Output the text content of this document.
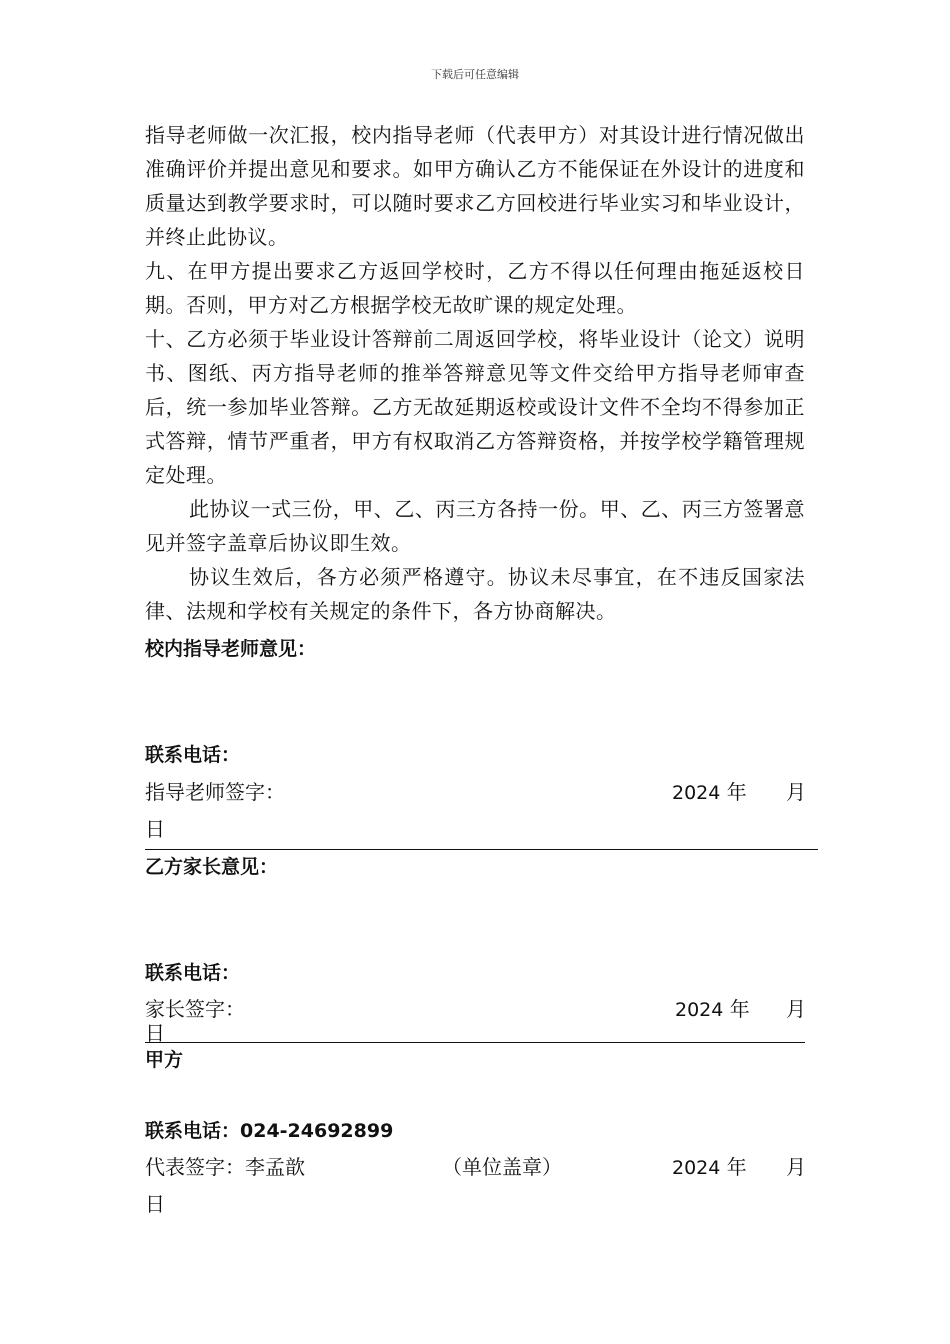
下载后可任意编辑

指导老师做一次汇报，校内指导老师（代表甲方）对其设计进行情况做出准确评价并提出意见和要求。如甲方确认乙方不能保证在外设计的进度和质量达到教学要求时，可以随时要求乙方回校进行毕业实习和毕业设计，并终止此协议。

九、在甲方提出要求乙方返回学校时，乙方不得以任何理由拖延返校日期。否则，甲方对乙方根据学校无故旷课的规定处理。

十、乙方必须于毕业设计答辩前二周返回学校，将毕业设计（论文）说明书、图纸、丙方指导老师的推举答辩意见等文件交给甲方指导老师审查后，统一参加毕业答辩。乙方无故延期返校或设计文件不全均不得参加正式答辩，情节严重者，甲方有权取消乙方答辩资格，并按学校学籍管理规定处理。

此协议一式三份，甲、乙、丙三方各持一份。甲、乙、丙三方签署意见并签字盖章后协议即生效。

协议生效后，各方必须严格遵守。协议未尽事宜，在不违反国家法律、法规和学校有关规定的条件下，各方协商解决。

校内指导老师意见：
联系电话：
指导老师签字：	2024 年 月
日
乙方家长意见：
联系电话：
家长签字：	2024 年 月
日
甲方
联系电话：024-24692899
代表签字：李孟歆	（单位盖章）	2024 年 月
日
